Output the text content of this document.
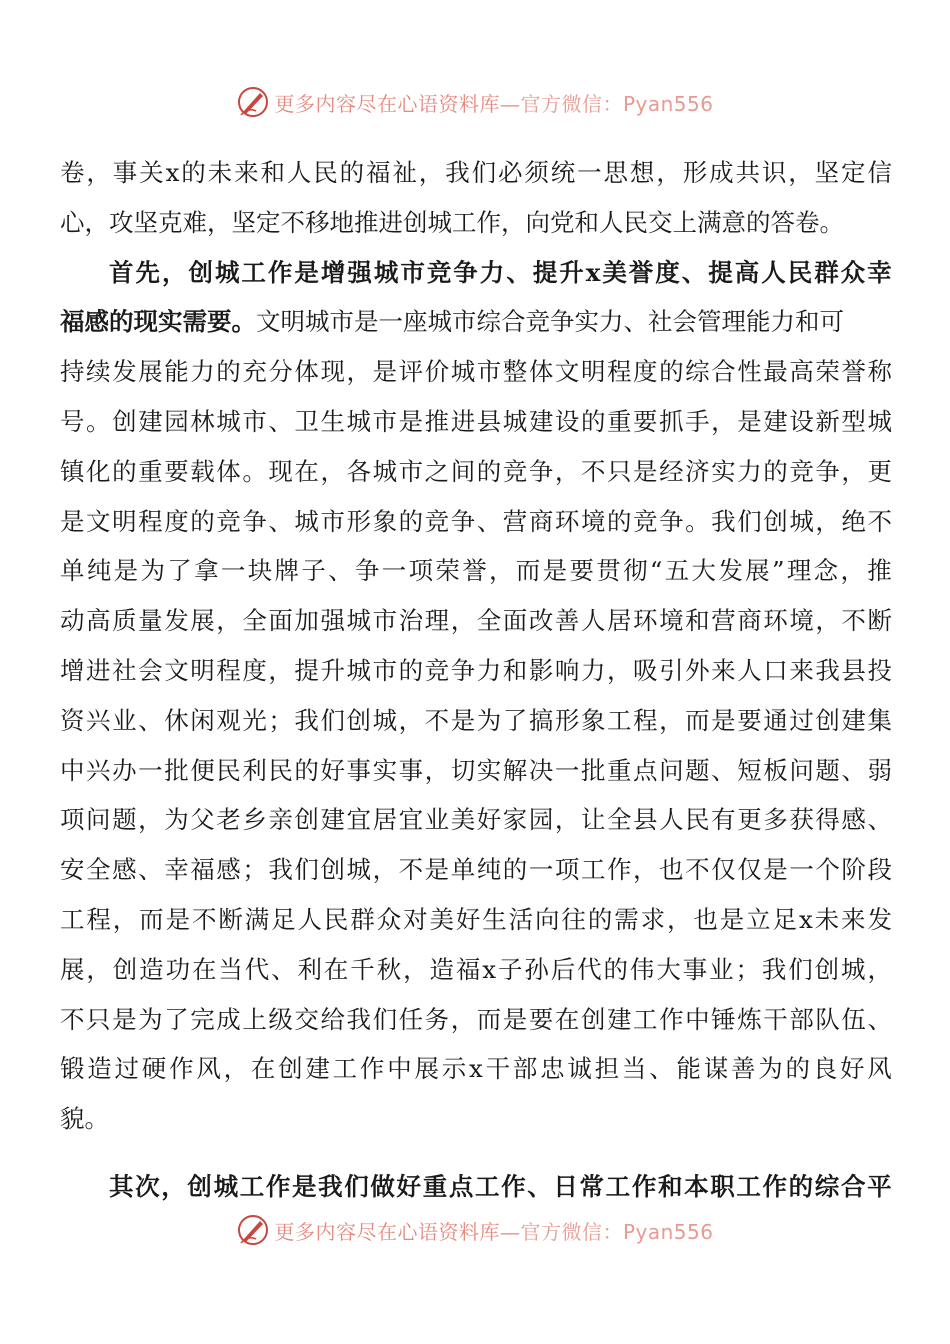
更多内容尽在心语资料库—官方微信：Pyan556
卷 ， 事 关 x 的 未 来 和 人 民 的 福 祉 ， 我 们 必 须 统 一 思 想 ， 形 成 共 识 ， 坚 定 信
心，攻坚克难，坚定不移地推进创城工作，向党和人民交上满意的答卷。
首 先 ， 创 城 工 作 是 增 强 城 市 竞 争 力 、 提 升 x 美 誉 度 、 提 高 人 民 群 众 幸
福感的现实需要。文明城市是一座城市综合竞争实力、社会管理能力和可
持 续 发 展 能 力 的 充 分 体 现 ， 是 评 价 城 市 整 体 文 明 程 度 的 综 合 性 最 高 荣 誉 称
号 。 创 建 园 林 城 市 、 卫 生 城 市 是 推 进 县 城 建 设 的 重 要 抓 手 ， 是 建 设 新 型 城
镇 化 的 重 要 载 体 。 现 在 ， 各 城 市 之 间 的 竞 争 ， 不 只 是 经 济 实 力 的 竞 争 ， 更
是 文 明 程 度 的 竞 争 、 城 市 形 象 的 竞 争 、 营 商 环 境 的 竞 争 。 我 们 创 城 ， 绝 不
单 纯 是 为 了 拿 一 块 牌 子 、 争 一 项 荣 誉 ， 而 是 要 贯 彻 “ 五 大 发 展 ” 理 念 ， 推
动 高 质 量 发 展 ， 全 面 加 强 城 市 治 理 ， 全 面 改 善 人 居 环 境 和 营 商 环 境 ， 不 断
增 进 社 会 文 明 程 度 ， 提 升 城 市 的 竞 争 力 和 影 响 力 ， 吸 引 外 来 人 口 来 我 县 投
资 兴 业 、 休 闲 观 光 ； 我 们 创 城 ， 不 是 为 了 搞 形 象 工 程 ， 而 是 要 通 过 创 建 集
中 兴 办 一 批 便 民 利 民 的 好 事 实 事 ， 切 实 解 决 一 批 重 点 问 题 、 短 板 问 题 、 弱
项 问 题 ， 为 父 老 乡 亲 创 建 宜 居 宜 业 美 好 家 园 ， 让 全 县 人 民 有 更 多 获 得 感 、
安 全 感 、 幸 福 感 ； 我 们 创 城 ， 不 是 单 纯 的 一 项 工 作 ， 也 不 仅 仅 是 一 个 阶 段
工 程 ， 而 是 不 断 满 足 人 民 群 众 对 美 好 生 活 向 往 的 需 求 ， 也 是 立 足 x 未 来 发
展 ， 创 造 功 在 当 代 、 利 在 千 秋 ， 造 福 x 子 孙 后 代 的 伟 大 事 业 ； 我 们 创 城 ，
不 只 是 为 了 完 成 上 级 交 给 我 们 任 务 ， 而 是 要 在 创 建 工 作 中 锤 炼 干 部 队 伍 、
锻 造 过 硬 作 风 ， 在 创 建 工 作 中 展 示 x 干 部 忠 诚 担 当 、 能 谋 善 为 的 良 好 风
貌。
其 次 ， 创 城 工 作 是 我 们 做 好 重 点 工 作 、 日 常 工 作 和 本 职 工 作 的 综 合 平
更多内容尽在心语资料库—官方微信：Pyan556
